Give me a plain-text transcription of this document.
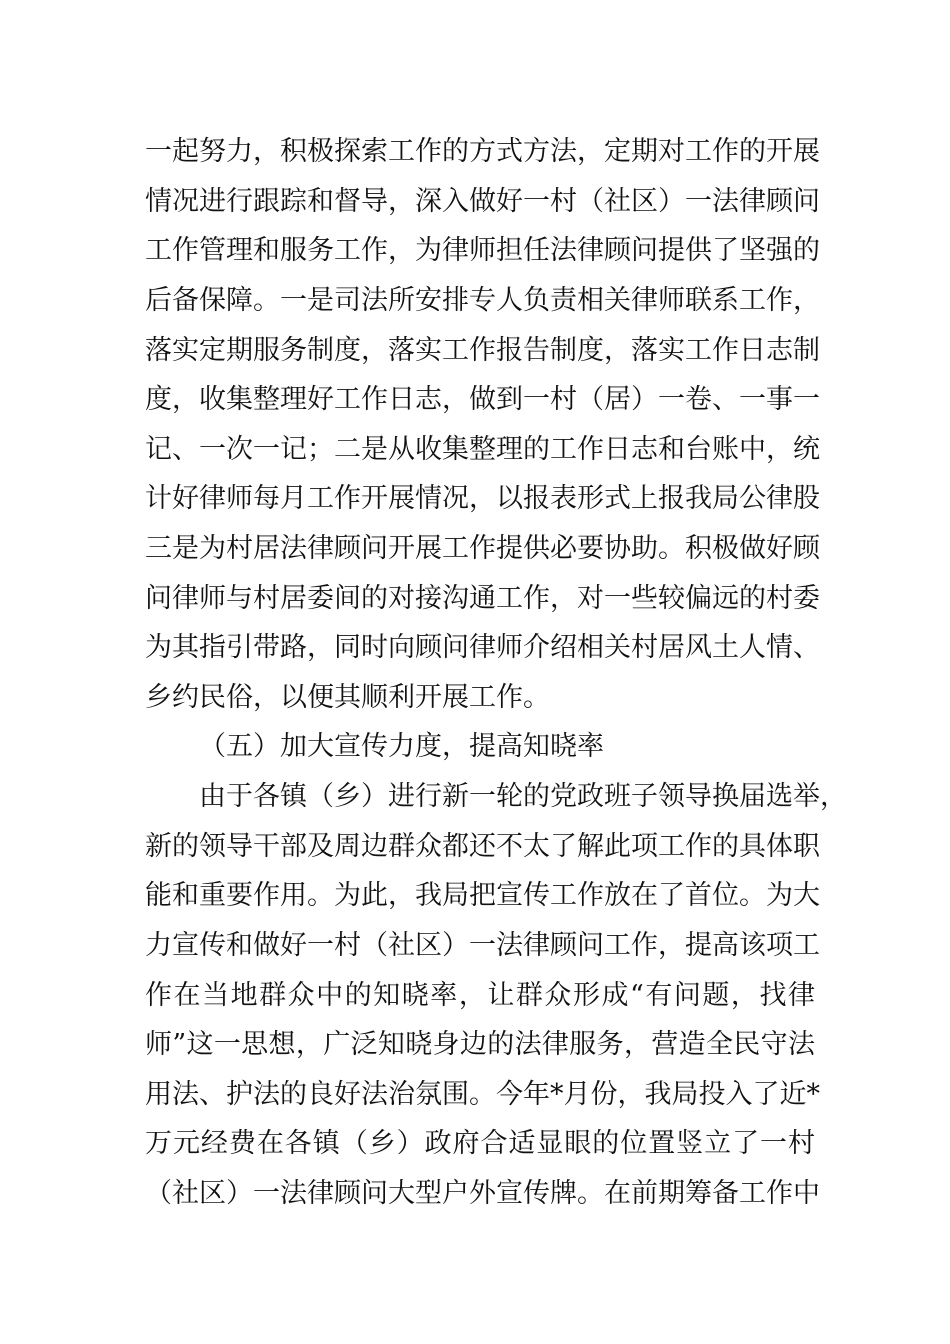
一起努力，积极探索工作的方式方法，定期对工作的开展
情况进行跟踪和督导，深入做好一村（社区）一法律顾问
工作管理和服务工作，为律师担任法律顾问提供了坚强的
后备保障。一是司法所安排专人负责相关律师联系工作，
落实定期服务制度，落实工作报告制度，落实工作日志制
度，收集整理好工作日志，做到一村（居）一卷、一事一
记、一次一记；二是从收集整理的工作日志和台账中，统
计好律师每月工作开展情况，以报表形式上报我局公律股
三是为村居法律顾问开展工作提供必要协助。积极做好顾
问律师与村居委间的对接沟通工作，对一些较偏远的村委
为其指引带路，同时向顾问律师介绍相关村居风土人情、
乡约民俗，以便其顺利开展工作。
（五）加大宣传力度，提高知晓率
由于各镇（乡）进行新一轮的党政班子领导换届选举，
新的领导干部及周边群众都还不太了解此项工作的具体职
能和重要作用。为此，我局把宣传工作放在了首位。为大
力宣传和做好一村（社区）一法律顾问工作，提高该项工
作在当地群众中的知晓率，让群众形成“有问题，找律
师”这一思想，广泛知晓身边的法律服务，营造全民守法
用法、护法的良好法治氛围。今年*月份，我局投入了近*
万元经费在各镇（乡）政府合适显眼的位置竖立了一村
（社区）一法律顾问大型户外宣传牌。在前期筹备工作中
